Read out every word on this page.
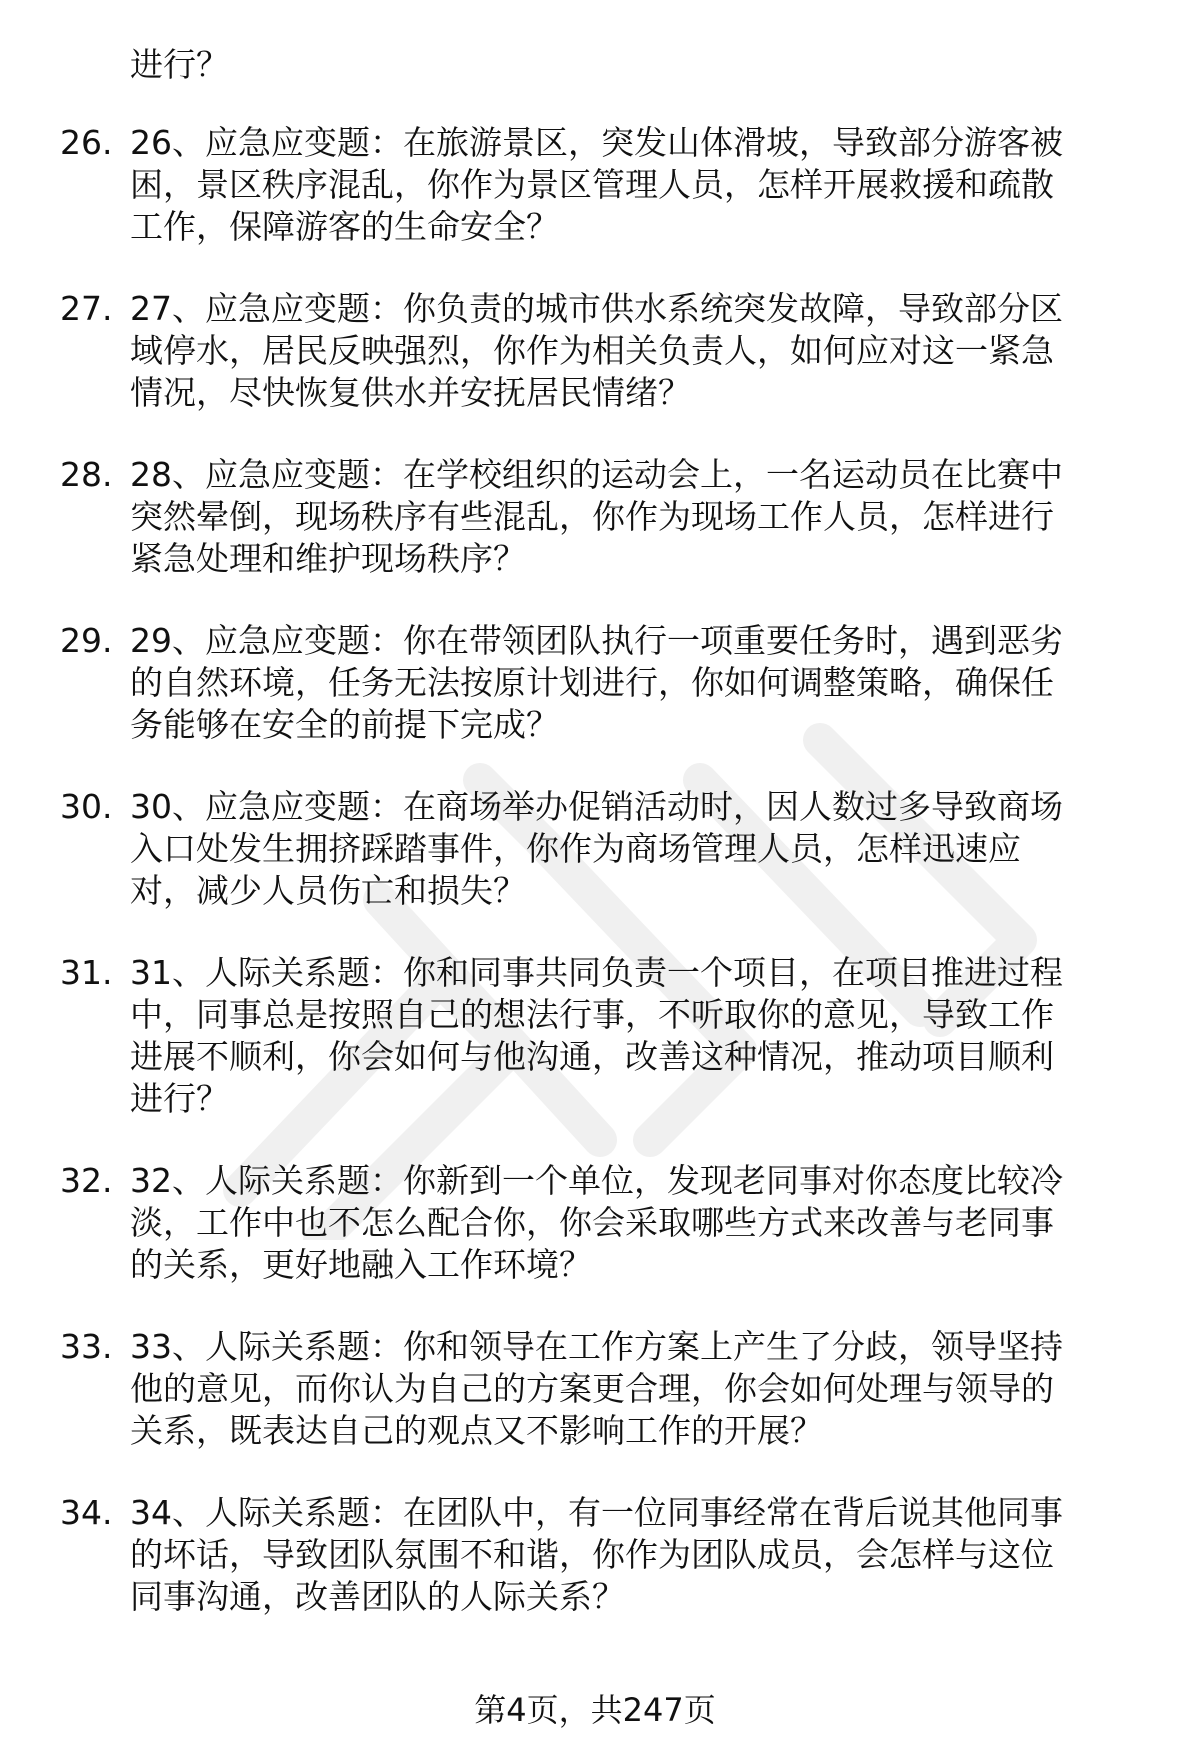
进行？
26. 26、应急应变题：在旅游景区，突发山体滑坡，导致部分游客被
困，景区秩序混乱，你作为景区管理人员，怎样开展救援和疏散
工作，保障游客的生命安全？
27. 27、应急应变题：你负责的城市供水系统突发故障，导致部分区
域停水，居民反映强烈，你作为相关负责人，如何应对这一紧急
情况，尽快恢复供水并安抚居民情绪？
28. 28、应急应变题：在学校组织的运动会上，一名运动员在比赛中
突然晕倒，现场秩序有些混乱，你作为现场工作人员，怎样进行
紧急处理和维护现场秩序？
29. 29、应急应变题：你在带领团队执行一项重要任务时，遇到恶劣
的自然环境，任务无法按原计划进行，你如何调整策略，确保任
务能够在安全的前提下完成？
30. 30、应急应变题：在商场举办促销活动时，因人数过多导致商场
入口处发生拥挤踩踏事件，你作为商场管理人员，怎样迅速应
对，减少人员伤亡和损失？
31. 31、人际关系题：你和同事共同负责一个项目，在项目推进过程
中，同事总是按照自己的想法行事，不听取你的意见，导致工作
进展不顺利，你会如何与他沟通，改善这种情况，推动项目顺利
进行？
32. 32、人际关系题：你新到一个单位，发现老同事对你态度比较冷
淡，工作中也不怎么配合你，你会采取哪些方式来改善与老同事
的关系，更好地融入工作环境？
33. 33、人际关系题：你和领导在工作方案上产生了分歧，领导坚持
他的意见，而你认为自己的方案更合理，你会如何处理与领导的
关系，既表达自己的观点又不影响工作的开展？
34. 34、人际关系题：在团队中，有一位同事经常在背后说其他同事
的坏话，导致团队氛围不和谐，你作为团队成员，会怎样与这位
同事沟通，改善团队的人际关系？
第4页，共247页
